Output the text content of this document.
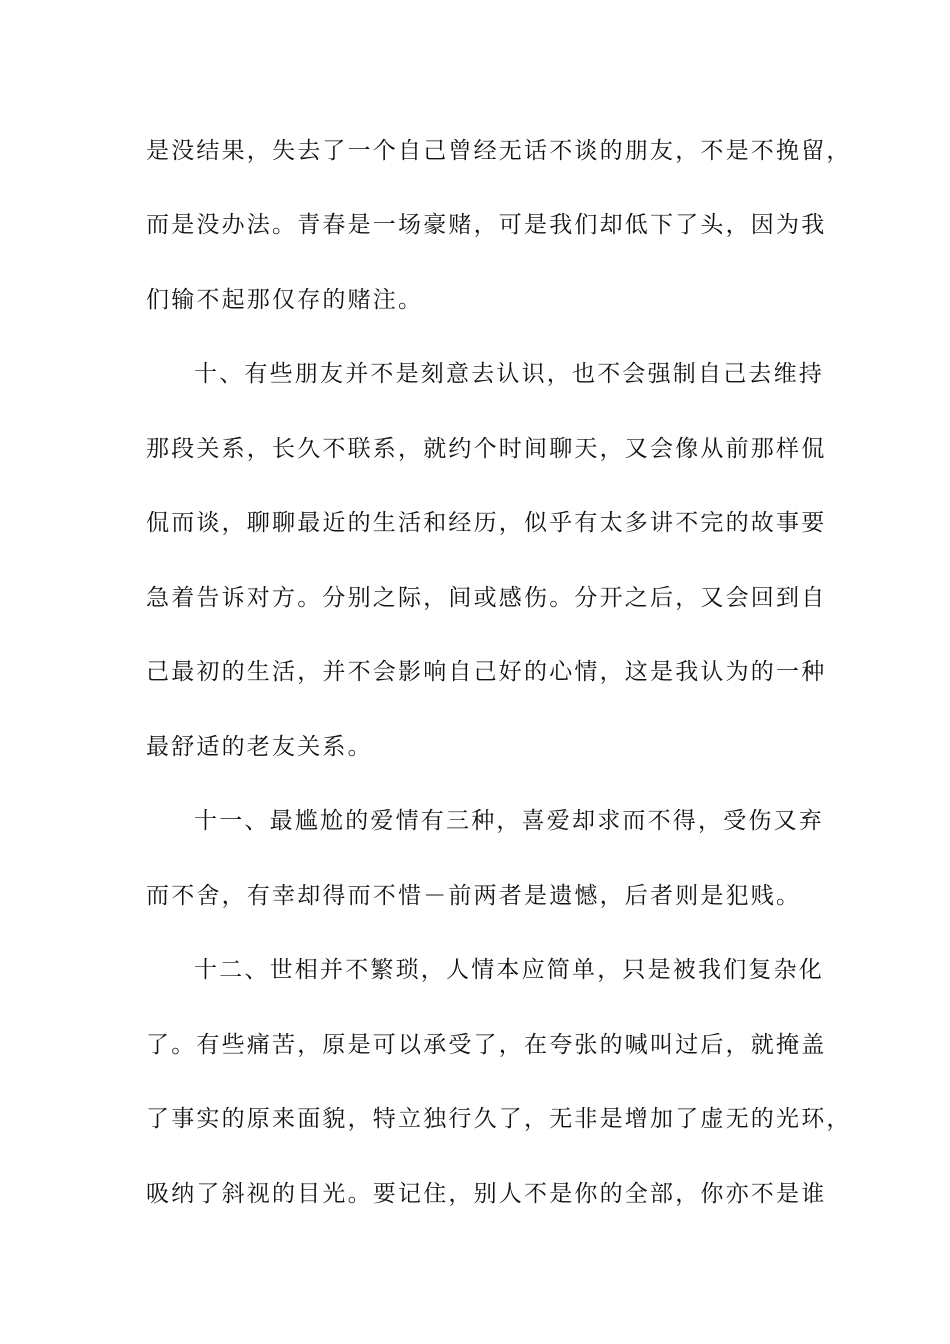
是没结果，失去了一个自己曾经无话不谈的朋友，不是不挽留，
而是没办法。青春是一场豪赌，可是我们却低下了头，因为我
们输不起那仅存的赌注。
十、有些朋友并不是刻意去认识，也不会强制自己去维持
那段关系，长久不联系，就约个时间聊天，又会像从前那样侃
侃而谈，聊聊最近的生活和经历，似乎有太多讲不完的故事要
急着告诉对方。分别之际，间或感伤。分开之后，又会回到自
己最初的生活，并不会影响自己好的心情，这是我认为的一种
最舒适的老友关系。
十一、最尴尬的爱情有三种，喜爱却求而不得，受伤又弃
而不舍，有幸却得而不惜－前两者是遗憾，后者则是犯贱。
十二、世相并不繁琐，人情本应简单，只是被我们复杂化
了。有些痛苦，原是可以承受了，在夸张的喊叫过后，就掩盖
了事实的原来面貌，特立独行久了，无非是增加了虚无的光环，
吸纳了斜视的目光。要记住，别人不是你的全部，你亦不是谁
